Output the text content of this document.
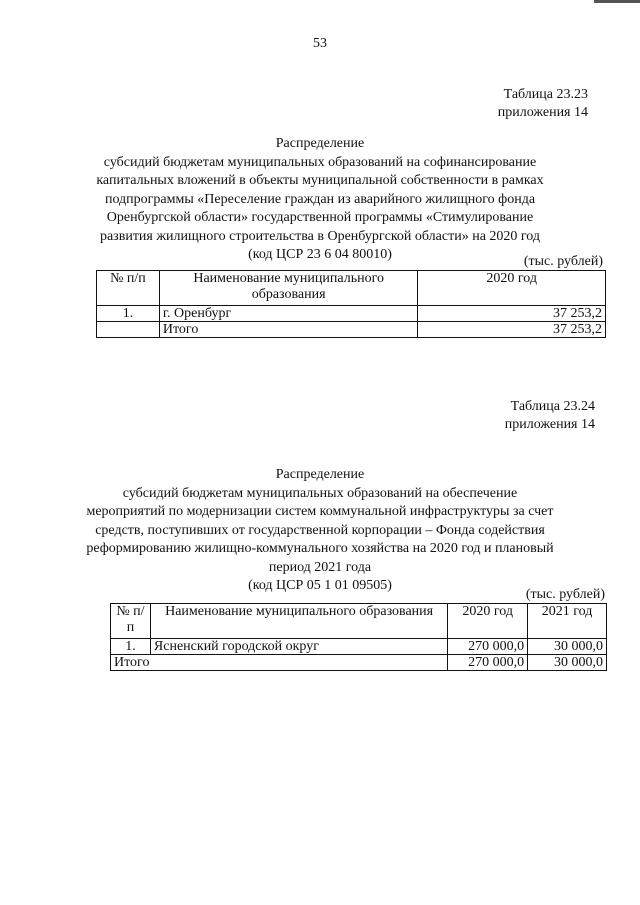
53
Таблица 23.23
приложения 14
Распределение
субсидий бюджетам муниципальных образований на софинансирование
капитальных вложений в объекты муниципальной собственности в рамках
подпрограммы «Переселение граждан из аварийного жилищного фонда
Оренбургской области» государственной программы «Стимулирование
развития жилищного строительства в Оренбургской области» на 2020 год
(код ЦСР 23 6 04 80010)	(тыс. рублей)
№ п/п	Наименование муниципального образования	2020 год
1.	г. Оренбург	37 253,2
	Итого	37 253,2
Таблица 23.24
приложения 14
Распределение
субсидий бюджетам муниципальных образований на обеспечение
мероприятий по модернизации систем коммунальной инфраструктуры за счет
средств, поступивших от государственной корпорации – Фонда содействия
реформированию жилищно-коммунального хозяйства на 2020 год и плановый
период 2021 года
(код ЦСР 05 1 01 09505)
(тыс. рублей)
№ п/п	Наименование муниципального образования	2020 год	2021 год
1.	Ясненский городской округ	270 000,0	30 000,0
Итого		270 000,0	30 000,0
